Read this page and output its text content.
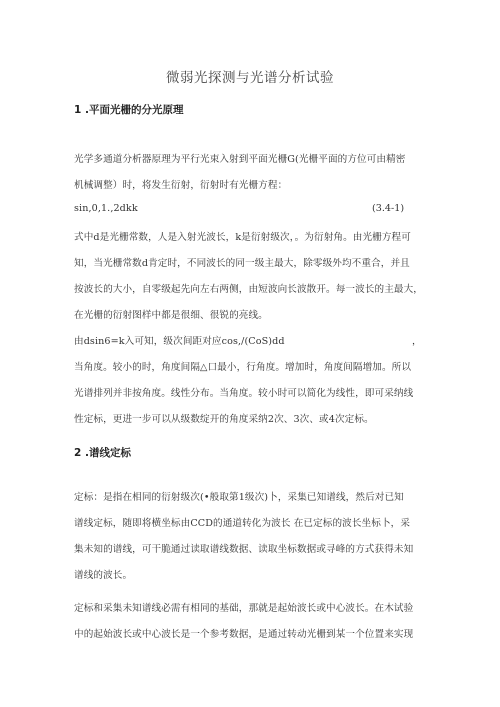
微弱光探测与光谱分析试验
1 .平面光栅的分光原理
光学多通道分析器原理为平行光束入射到平面光栅G(光栅平面的方位可由精密
机械调整）时，将发生衍射，衍射时有光栅方程：
sin,0,1.,2dkk	(3.4-1)
式中d是光栅常数，人是入射光波长，k是衍射级次，。为衍射角。由光栅方程可
知，当光栅常数d肯定时，不同波长的同一级主最大，除零级外均不重合，并且
按波长的大小，自零级起先向左右两侧，由短波向长波散开。每一波长的主最大，
在光栅的衍射图样中都是很细、很锐的亮线。
由dsin6=k入可知，级次间距对应cos,/(CoS)dd	，
当角度。较小的时，角度间隔△口最小，行角度。增加时，角度间隔增加。所以
光谱排列并非按角度。线性分布。当角度。较小时可以简化为线性，即可采纳线
性定标，更进一步可以从级数绽开的角度采纳2次、3次、或4次定标。
2 .谱线定标
定标：是指在相同的衍射级次(•般取第1级次)卜，采集已知谱线，然后对已知
谱线定标，随即将横坐标由CCD的通道转化为波长 在已定标的波长坐标卜，采
集未知的谱线，可干脆通过读取谱线数据、读取坐标数据或寻峰的方式获得未知
谱线的波长。
定标和采集未知谱线必需有相同的基础，那就是起始波长或中心波长。在木试验
中的起始波长或中心波长是一个参考数据，是通过转动光栅到某一个位置来实现
